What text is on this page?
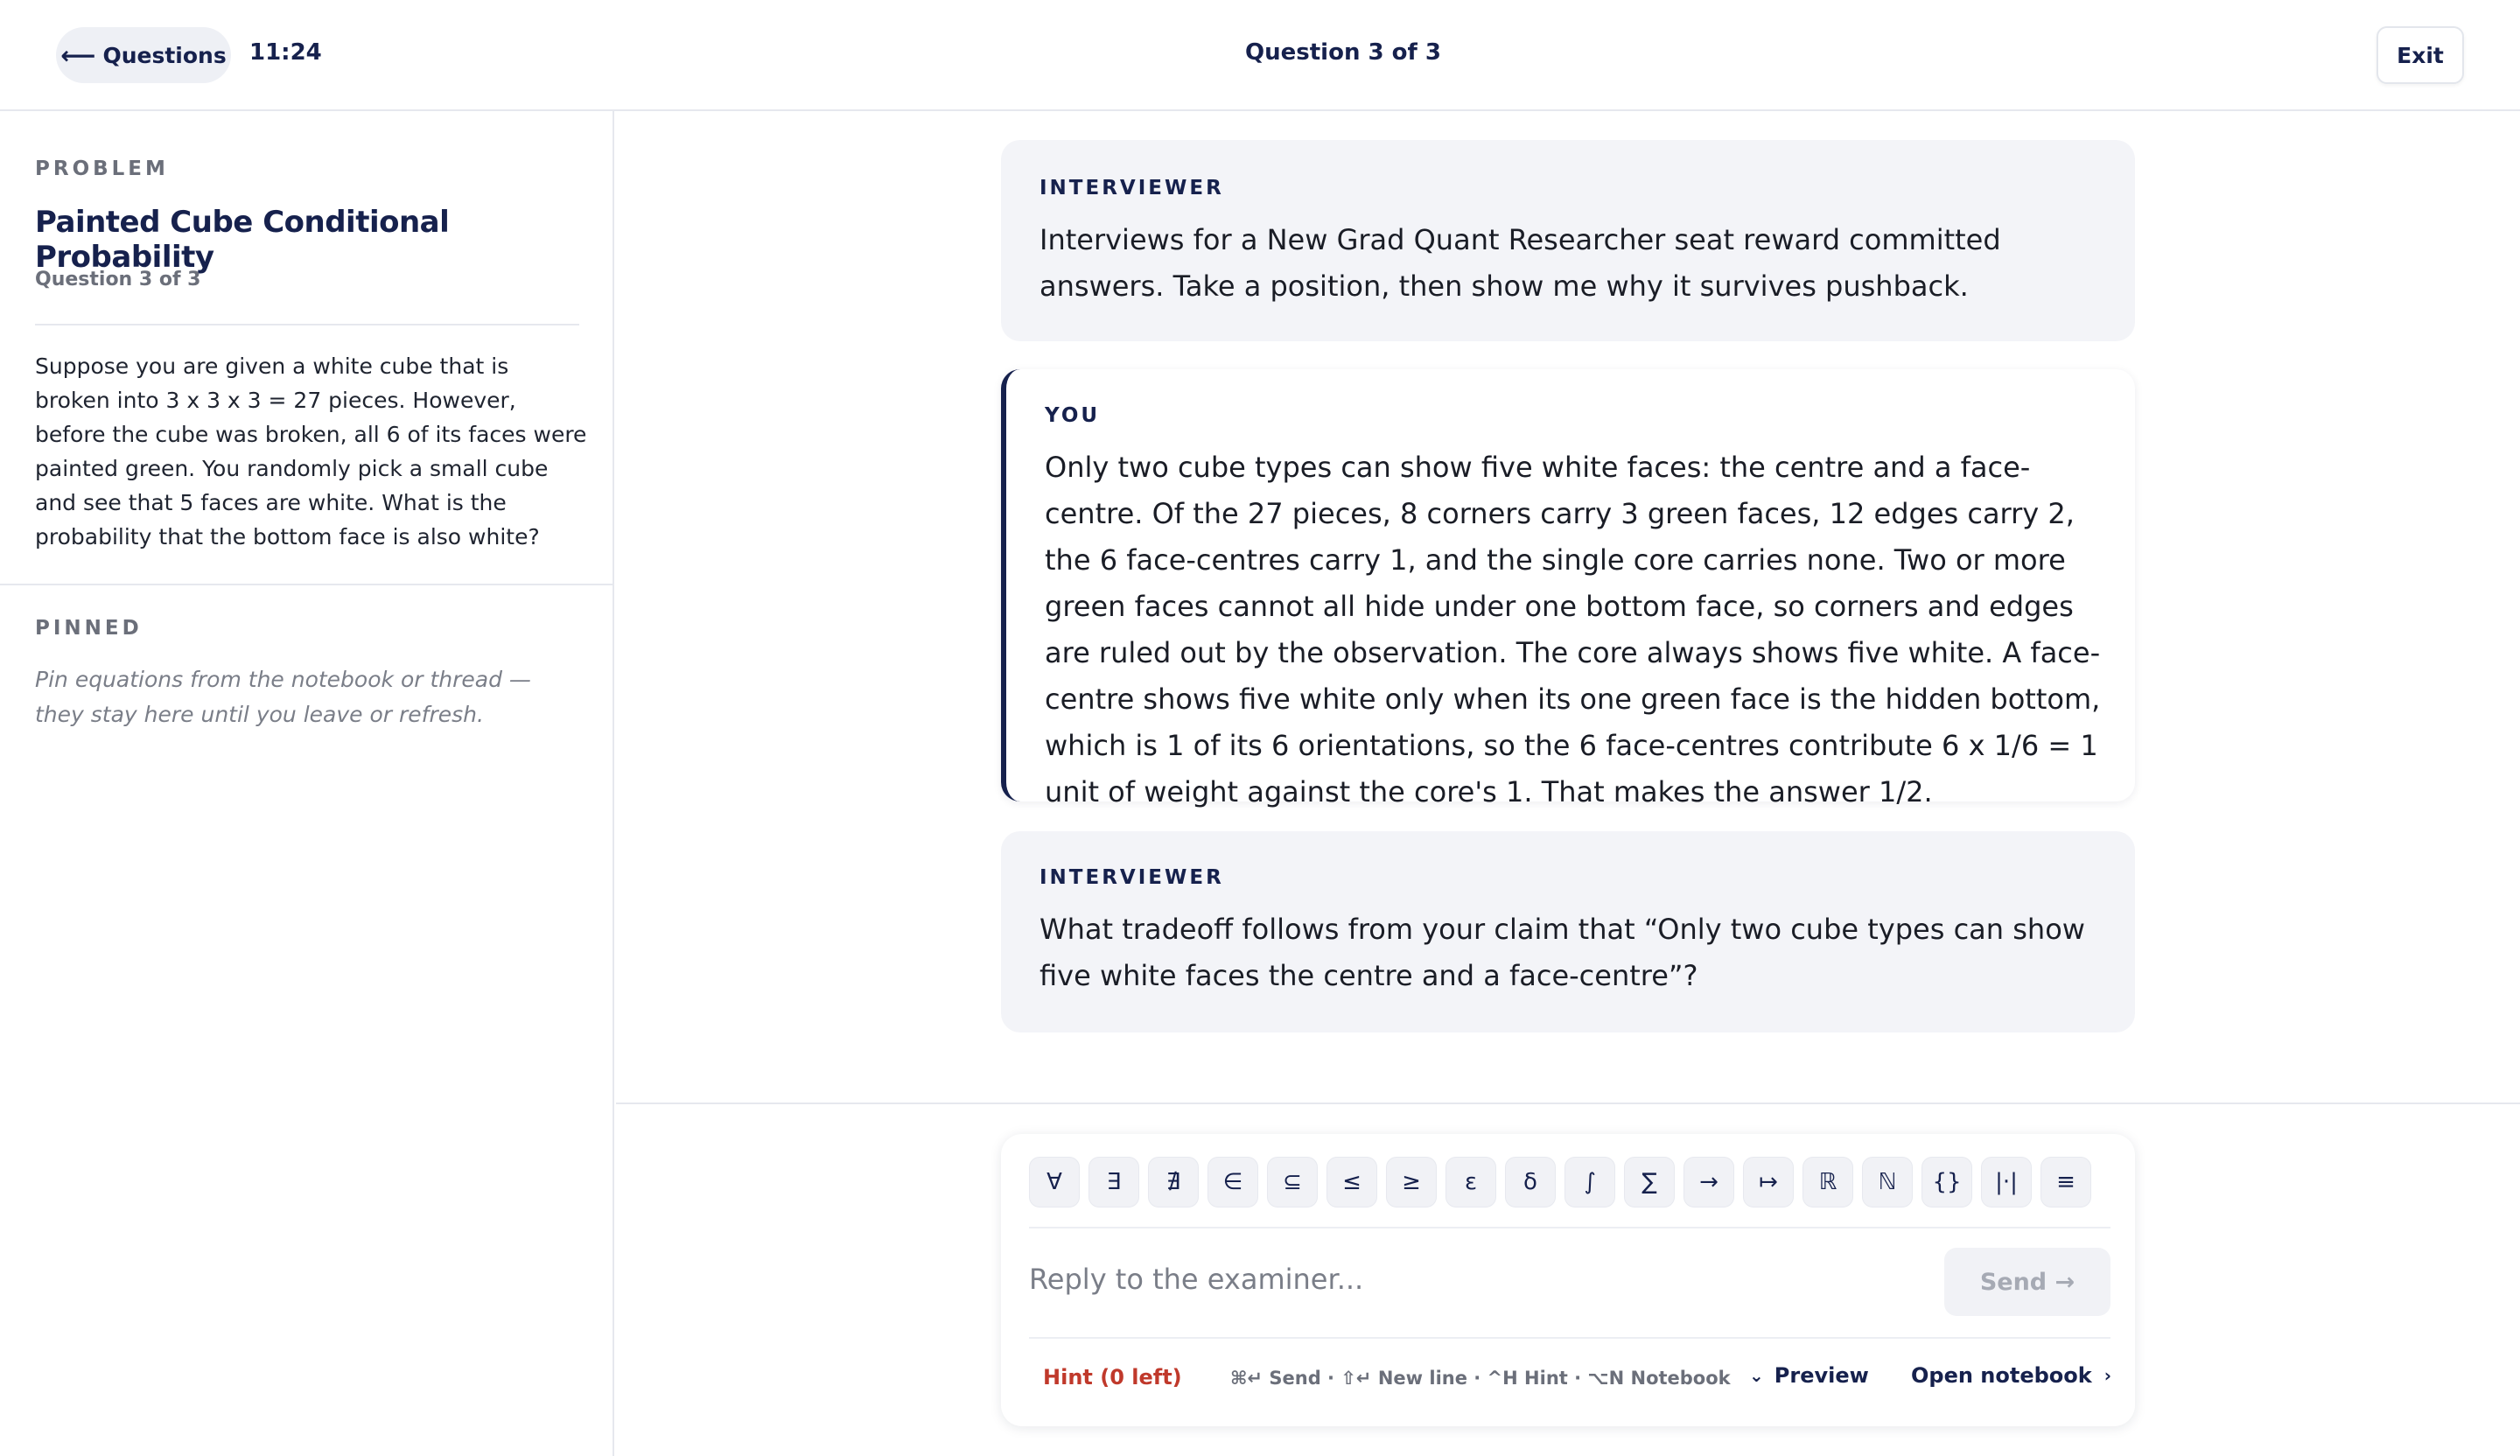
⟵ Questions 11:24	Question 3 of 3	Exit
PROBLEM
Painted Cube Conditional Probability
Question 3 of 3
Suppose you are given a white cube that is broken into 3 x 3 x 3 = 27 pieces. However, before the cube was broken, all 6 of its faces were painted green. You randomly pick a small cube and see that 5 faces are white. What is the probability that the bottom face is also white?
PINNED
Pin equations from the notebook or thread — they stay here until you leave or refresh.
INTERVIEWER
Interviews for a New Grad Quant Researcher seat reward committed answers. Take a position, then show me why it survives pushback.
YOU
Only two cube types can show five white faces: the centre and a face-centre. Of the 27 pieces, 8 corners carry 3 green faces, 12 edges carry 2, the 6 face-centres carry 1, and the single core carries none. Two or more green faces cannot all hide under one bottom face, so corners and edges are ruled out by the observation. The core always shows five white. A face-centre shows five white only when its one green face is the hidden bottom, which is 1 of its 6 orientations, so the 6 face-centres contribute 6 x 1/6 = 1 unit of weight against the core's 1. That makes the answer 1/2.
INTERVIEWER
What tradeoff follows from your claim that “Only two cube types can show five white faces the centre and a face-centre”?
∀ ∃ ∄ ∈ ⊆ ≤ ≥ ε δ ∫ ∑ → ↦ ℝ ℕ {} |·| ≡
Reply to the examiner...
Send →
Hint (0 left)	⌘↵ Send · ⇧↵ New line · ^H Hint · ⌥N Notebook ⌄ Preview Open notebook ›
